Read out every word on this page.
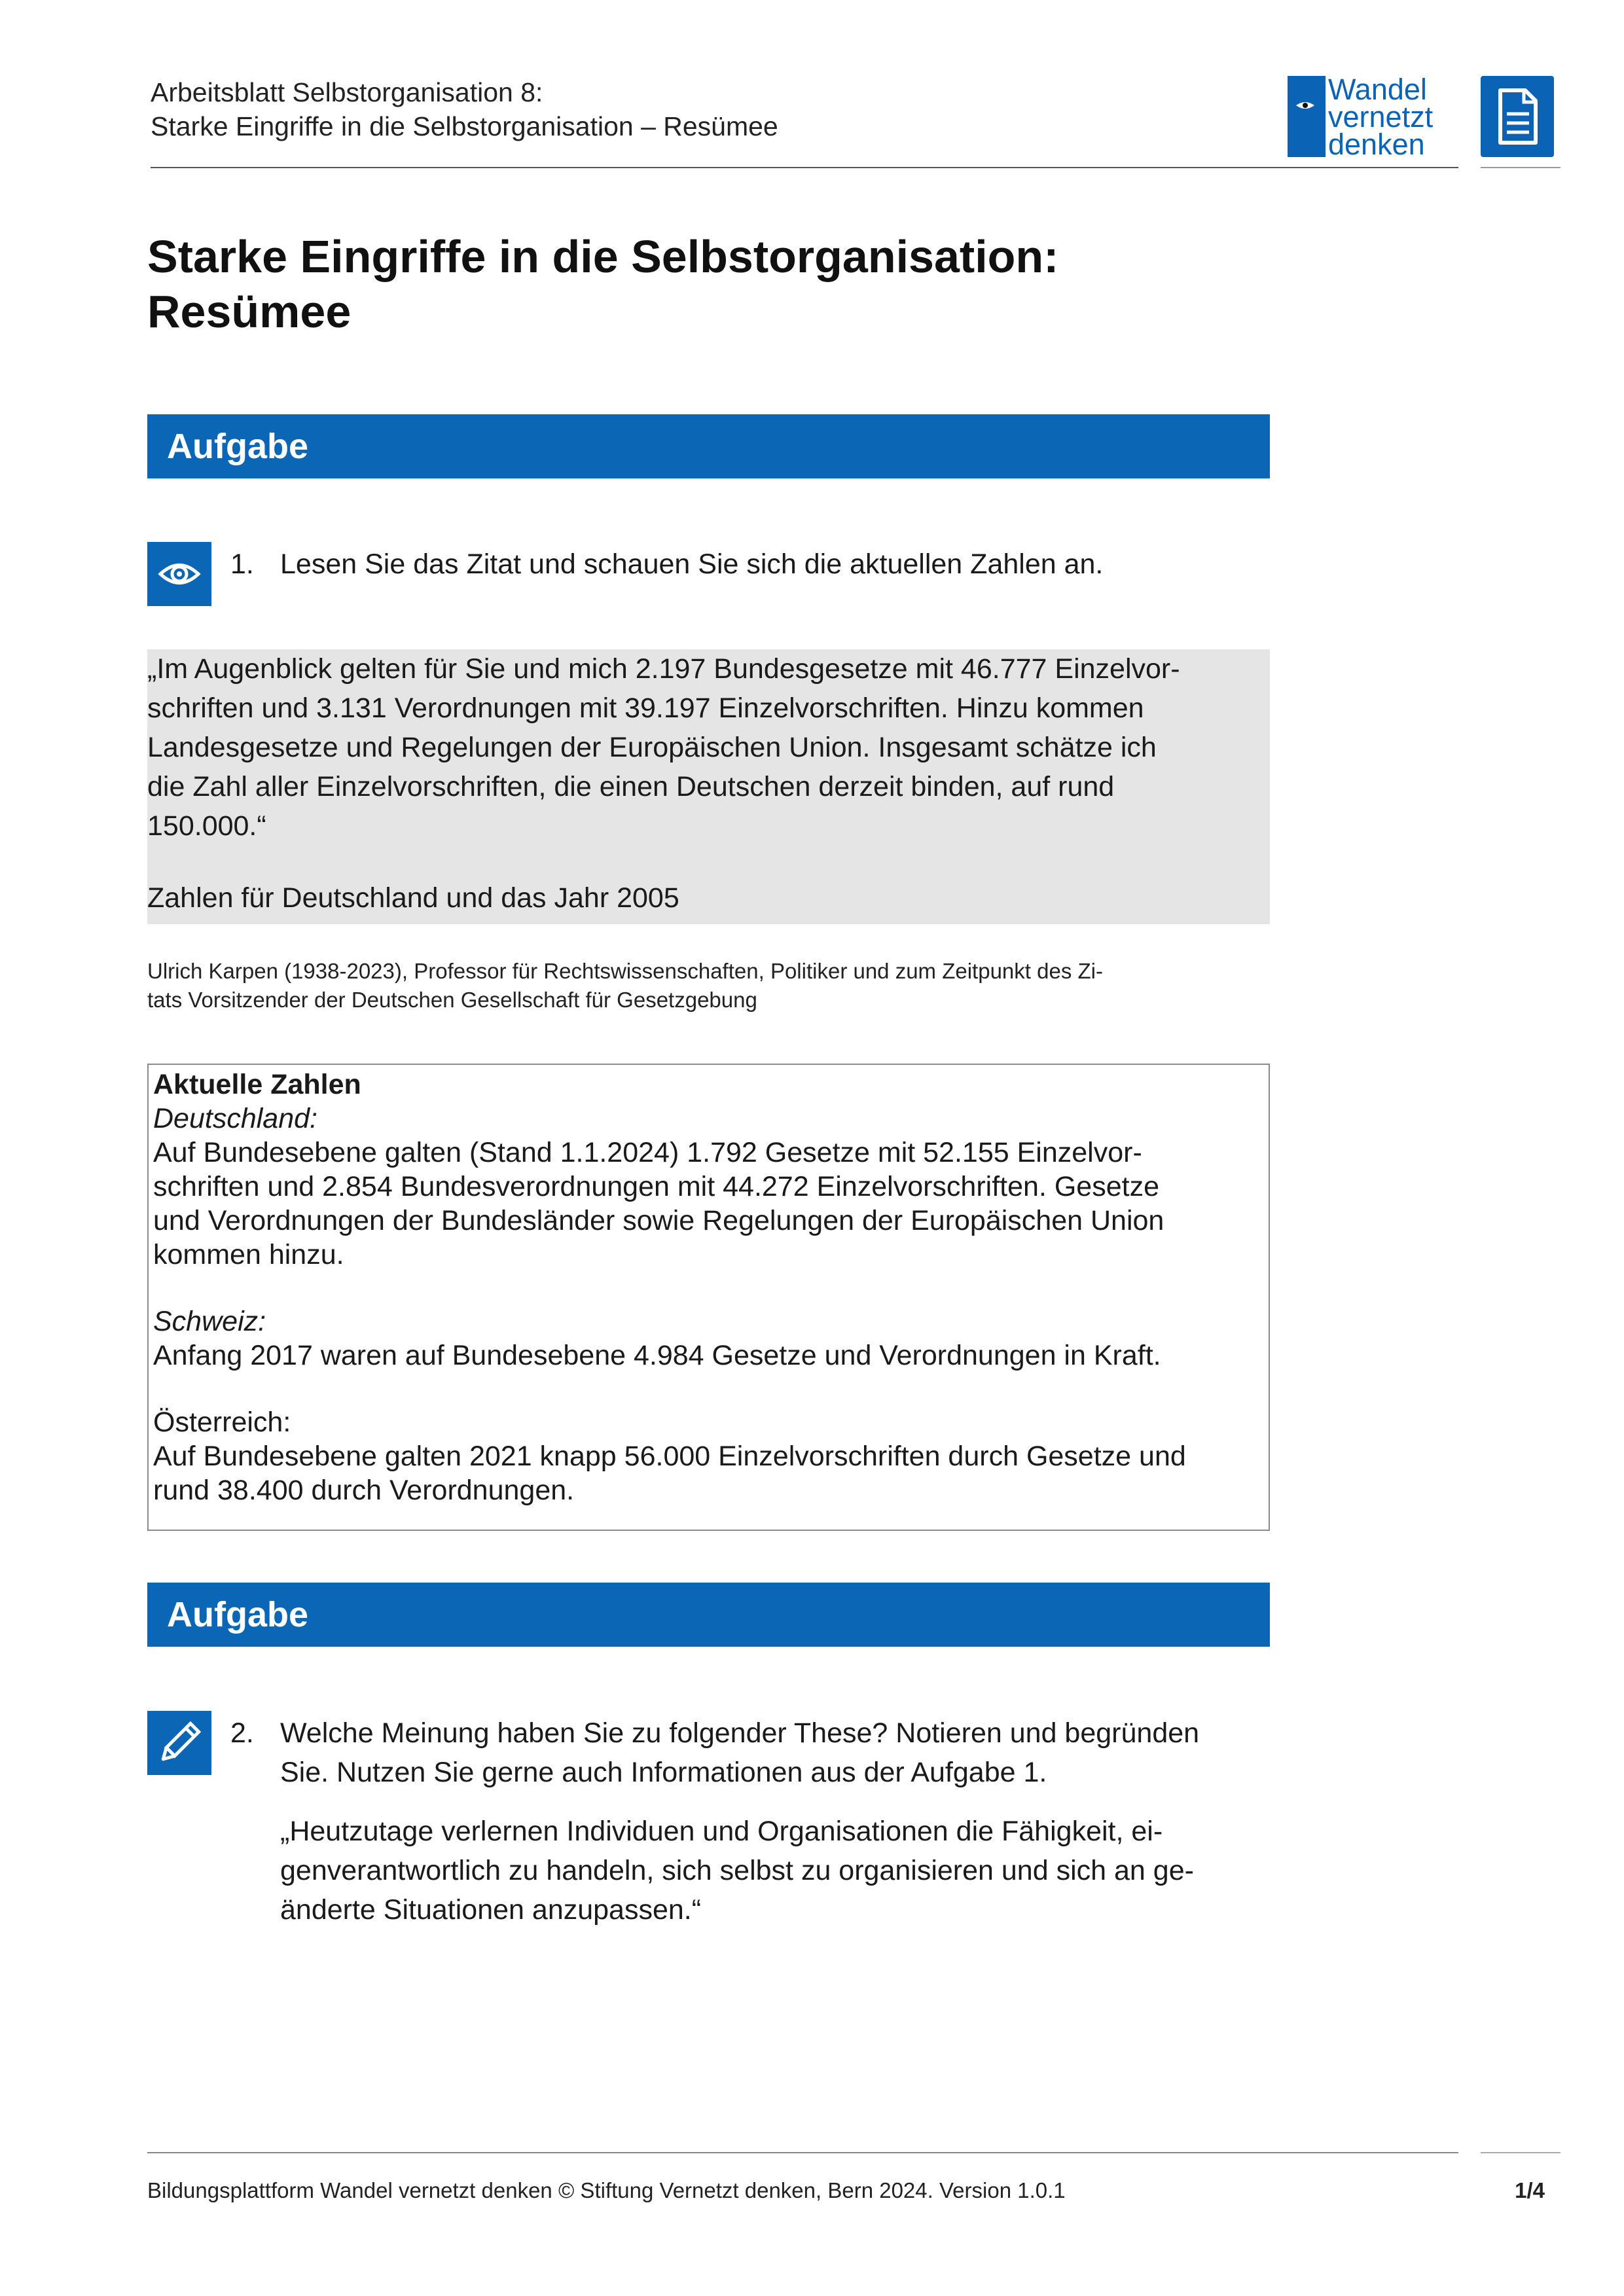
Arbeitsblatt Selbstorganisation 8:
Starke Eingriffe in die Selbstorganisation – Resümee
Wandel
vernetzt
denken
Starke Eingriffe in die Selbstorganisation:
Resümee
Aufgabe
1. Lesen Sie das Zitat und schauen Sie sich die aktuellen Zahlen an.
„Im Augenblick gelten für Sie und mich 2.197 Bundesgesetze mit 46.777 Einzelvor-
schriften und 3.131 Verordnungen mit 39.197 Einzelvorschriften. Hinzu kommen
Landesgesetze und Regelungen der Europäischen Union. Insgesamt schätze ich
die Zahl aller Einzelvorschriften, die einen Deutschen derzeit binden, auf rund
150.000.“
Zahlen für Deutschland und das Jahr 2005
Ulrich Karpen (1938-2023), Professor für Rechtswissenschaften, Politiker und zum Zeitpunkt des Zi-
tats Vorsitzender der Deutschen Gesellschaft für Gesetzgebung
Aktuelle Zahlen
Deutschland:
Auf Bundesebene galten (Stand 1.1.2024) 1.792 Gesetze mit 52.155 Einzelvor-
schriften und 2.854 Bundesverordnungen mit 44.272 Einzelvorschriften. Gesetze
und Verordnungen der Bundesländer sowie Regelungen der Europäischen Union
kommen hinzu.
Schweiz:
Anfang 2017 waren auf Bundesebene 4.984 Gesetze und Verordnungen in Kraft.
Österreich:
Auf Bundesebene galten 2021 knapp 56.000 Einzelvorschriften durch Gesetze und
rund 38.400 durch Verordnungen.
Aufgabe
2. Welche Meinung haben Sie zu folgender These? Notieren und begründen
Sie. Nutzen Sie gerne auch Informationen aus der Aufgabe 1.
„Heutzutage verlernen Individuen und Organisationen die Fähigkeit, ei-
genverantwortlich zu handeln, sich selbst zu organisieren und sich an ge-
änderte Situationen anzupassen.“
Bildungsplattform Wandel vernetzt denken © Stiftung Vernetzt denken, Bern 2024. Version 1.0.1	1/4
